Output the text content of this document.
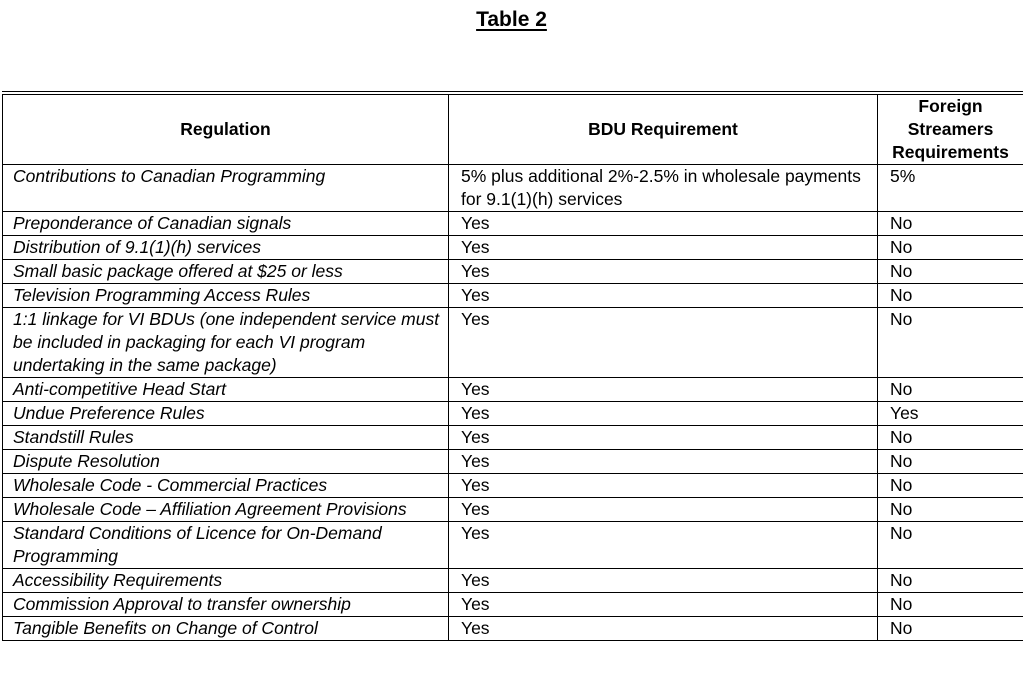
Table 2
Regulation	BDU Requirement	Foreign Streamers Requirements
Contributions to Canadian Programming	5% plus additional 2%-2.5% in wholesale payments for 9.1(1)(h) services	5%
Preponderance of Canadian signals	Yes	No
Distribution of 9.1(1)(h) services	Yes	No
Small basic package offered at $25 or less	Yes	No
Television Programming Access Rules	Yes	No
1:1 linkage for VI BDUs (one independent service must be included in packaging for each VI program undertaking in the same package)	Yes	No
Anti-competitive Head Start	Yes	No
Undue Preference Rules	Yes	Yes
Standstill Rules	Yes	No
Dispute Resolution	Yes	No
Wholesale Code - Commercial Practices	Yes	No
Wholesale Code – Affiliation Agreement Provisions	Yes	No
Standard Conditions of Licence for On-Demand Programming	Yes	No
Accessibility Requirements	Yes	No
Commission Approval to transfer ownership	Yes	No
Tangible Benefits on Change of Control	Yes	No
